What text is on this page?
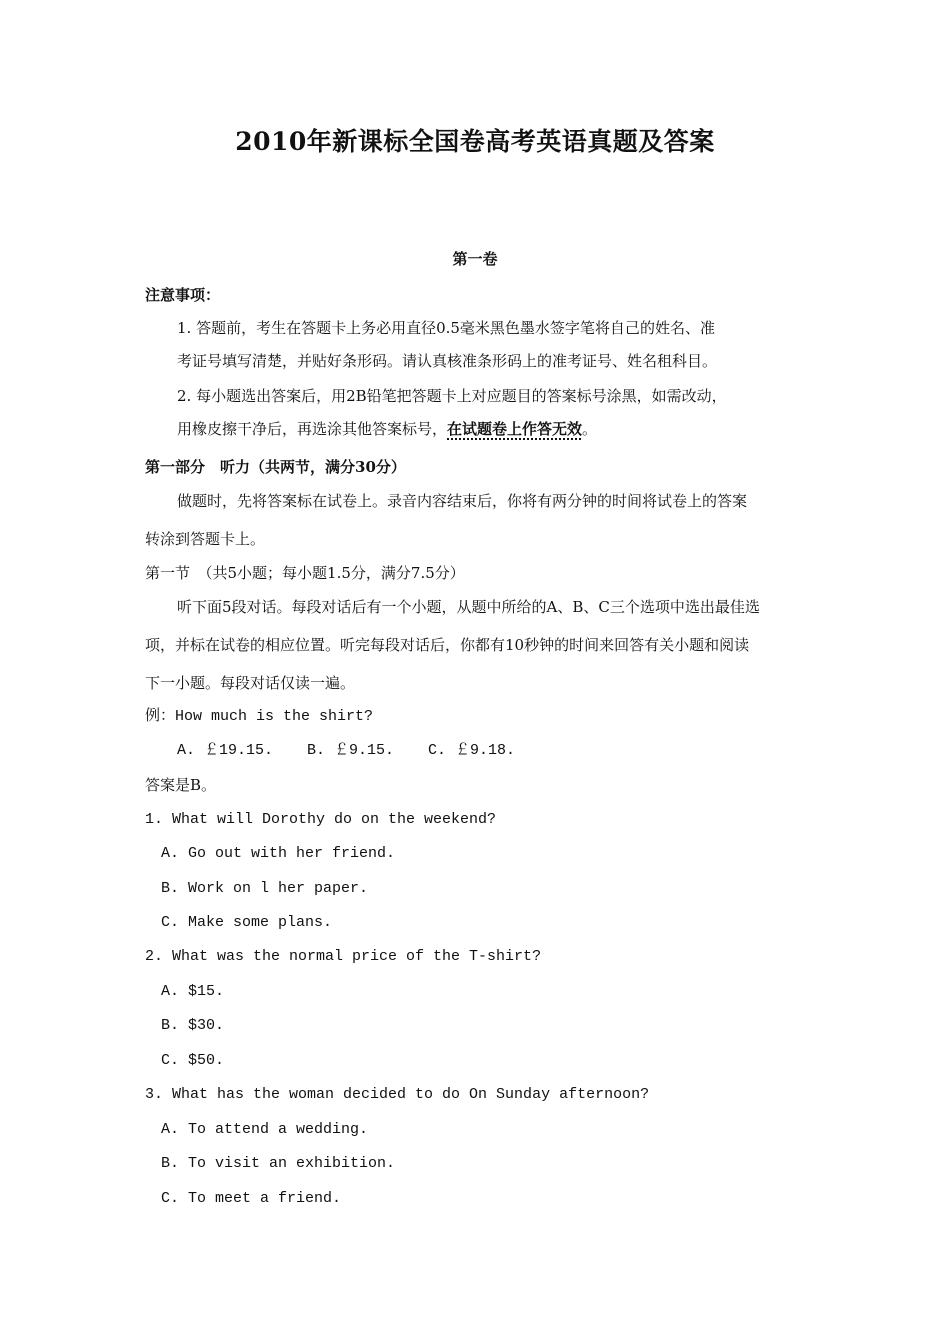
2010年新课标全国卷高考英语真题及答案
第一卷
注意事项：
1. 答题前，考生在答题卡上务必用直径0.5毫米黑色墨水签字笔将自己的姓名、准
考证号填写清楚，并贴好条形码。请认真核准条形码上的准考证号、姓名租科目。
2. 每小题选出答案后，用2B铅笔把答题卡上对应题目的答案标号涂黑，如需改动，
用橡皮擦干净后，再选涂其他答案标号，在试题卷上作答无效。
第一部分　听力（共两节，满分30分）
做题时，先将答案标在试卷上。录音内容结束后，你将有两分钟的时间将试卷上的答案
转涂到答题卡上。
第一节　（共5小题；每小题1.5分，满分7.5分）
听下面5段对话。每段对话后有一个小题，从题中所给的A、B、C三个选项中选出最佳选
项，并标在试卷的相应位置。听完每段对话后，你都有10秒钟的时间来回答有关小题和阅读
下一小题。每段对话仅读一遍。
例：How much is the shirt?
A. ￡19.15. B. ￡9.15. C. ￡9.18.
答案是B。
1. What will Dorothy do on the weekend?
A. Go out with her friend.
B. Work on l her paper.
C. Make some plans.
2. What was the normal price of the T-shirt?
A. $15.
B. $30.
C. $50.
3. What has the woman decided to do On Sunday afternoon?
A. To attend a wedding.
B. To visit an exhibition.
C. To meet a friend.
